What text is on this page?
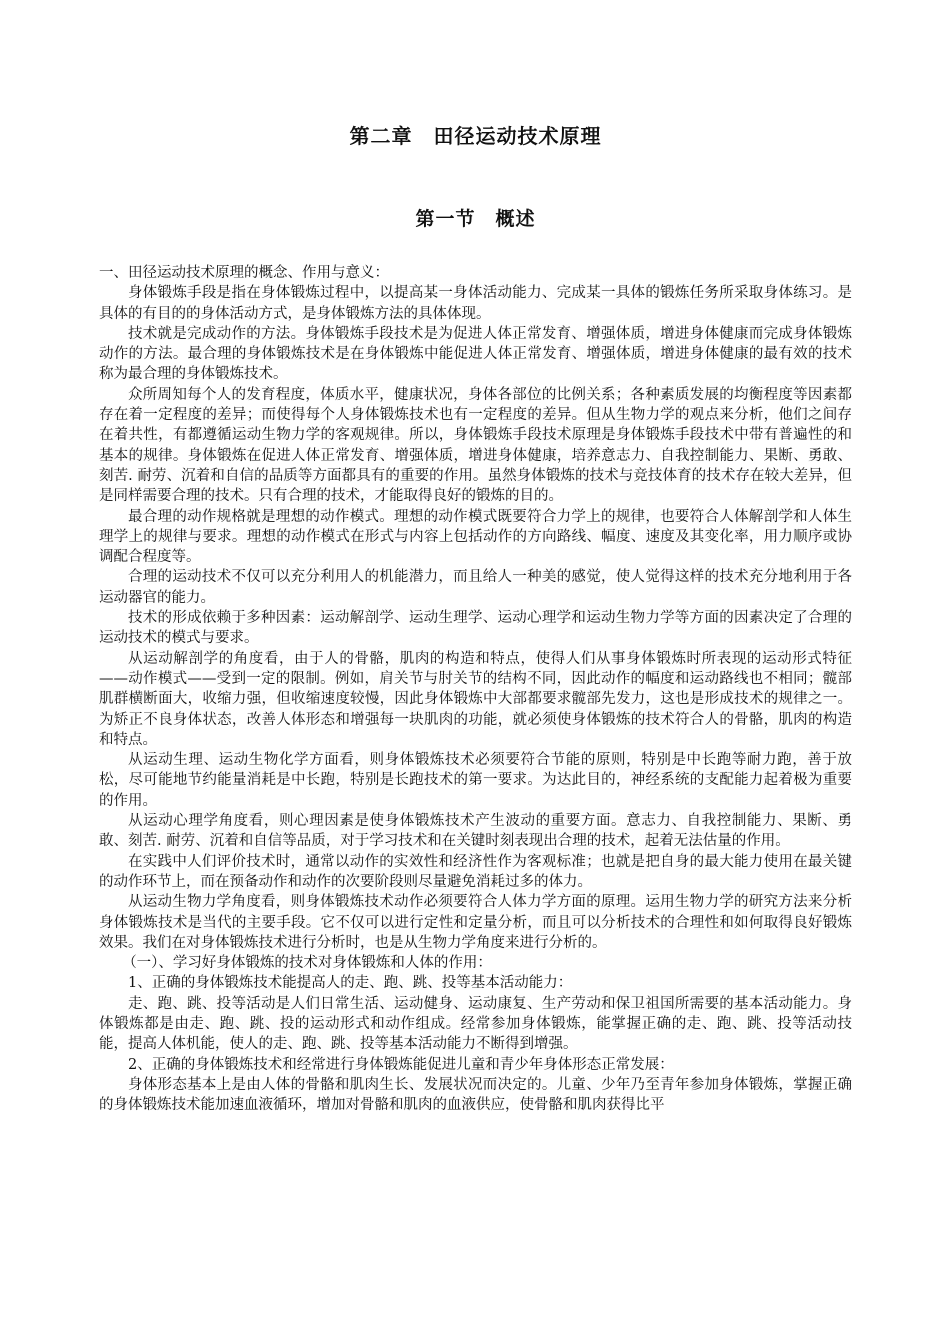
第二章　田径运动技术原理
第一节　概述

一、田径运动技术原理的概念、作用与意义：

身体锻炼手段是指在身体锻炼过程中，以提高某一身体活动能力、完成某一具体的锻炼任务所采取身体练习。是具体的有目的的身体活动方式，是身体锻炼方法的具体体现。

技术就是完成动作的方法。身体锻炼手段技术是为促进人体正常发育、增强体质，增进身体健康而完成身体锻炼动作的方法。最合理的身体锻炼技术是在身体锻炼中能促进人体正常发育、增强体质，增进身体健康的最有效的技术称为最合理的身体锻炼技术。

众所周知每个人的发育程度，体质水平，健康状况，身体各部位的比例关系；各种素质发展的均衡程度等因素都存在着一定程度的差异；而使得每个人身体锻炼技术也有一定程度的差异。但从生物力学的观点来分析，他们之间存在着共性，有都遵循运动生物力学的客观规律。所以，身体锻炼手段技术原理是身体锻炼手段技术中带有普遍性的和基本的规律。身体锻炼在促进人体正常发育、增强体质，增进身体健康，培养意志力、自我控制能力、果断、勇敢、刻苦. 耐劳、沉着和自信的品质等方面都具有的重要的作用。虽然身体锻炼的技术与竞技体育的技术存在较大差异，但是同样需要合理的技术。只有合理的技术，才能取得良好的锻炼的目的。

最合理的动作规格就是理想的动作模式。理想的动作模式既要符合力学上的规律，也要符合人体解剖学和人体生理学上的规律与要求。理想的动作模式在形式与内容上包括动作的方向路线、幅度、速度及其变化率，用力顺序或协调配合程度等。

合理的运动技术不仅可以充分利用人的机能潜力，而且给人一种美的感觉，使人觉得这样的技术充分地利用于各运动器官的能力。

技术的形成依赖于多种因素：运动解剖学、运动生理学、运动心理学和运动生物力学等方面的因素决定了合理的运动技术的模式与要求。

从运动解剖学的角度看，由于人的骨骼，肌肉的构造和特点，使得人们从事身体锻炼时所表现的运动形式特征——动作模式——受到一定的限制。例如，肩关节与肘关节的结构不同，因此动作的幅度和运动路线也不相同；髋部肌群横断面大，收缩力强，但收缩速度较慢，因此身体锻炼中大部都要求髋部先发力，这也是形成技术的规律之一。为矫正不良身体状态，改善人体形态和增强每一块肌肉的功能，就必须使身体锻炼的技术符合人的骨骼，肌肉的构造和特点。

从运动生理、运动生物化学方面看，则身体锻炼技术必须要符合节能的原则，特别是中长跑等耐力跑，善于放松，尽可能地节约能量消耗是中长跑，特别是长跑技术的第一要求。为达此目的，神经系统的支配能力起着极为重要的作用。

从运动心理学角度看，则心理因素是使身体锻炼技术产生波动的重要方面。意志力、自我控制能力、果断、勇敢、刻苦. 耐劳、沉着和自信等品质，对于学习技术和在关键时刻表现出合理的技术，起着无法估量的作用。

在实践中人们评价技术时，通常以动作的实效性和经济性作为客观标准；也就是把自身的最大能力使用在最关键的动作环节上，而在预备动作和动作的次要阶段则尽量避免消耗过多的体力。

从运动生物力学角度看，则身体锻炼技术动作必须要符合人体力学方面的原理。运用生物力学的研究方法来分析身体锻炼技术是当代的主要手段。它不仅可以进行定性和定量分析，而且可以分析技术的合理性和如何取得良好锻炼效果。我们在对身体锻炼技术进行分析时，也是从生物力学角度来进行分析的。

（一）、学习好身体锻炼的技术对身体锻炼和人体的作用：

1、正确的身体锻炼技术能提高人的走、跑、跳、投等基本活动能力：

走、跑、跳、投等活动是人们日常生活、运动健身、运动康复、生产劳动和保卫祖国所需要的基本活动能力。身体锻炼都是由走、跑、跳、投的运动形式和动作组成。经常参加身体锻炼，能掌握正确的走、跑、跳、投等活动技能，提高人体机能，使人的走、跑、跳、投等基本活动能力不断得到增强。

2、正确的身体锻炼技术和经常进行身体锻炼能促进儿童和青少年身体形态正常发展：

身体形态基本上是由人体的骨骼和肌肉生长、发展状况而决定的。儿童、少年乃至青年参加身体锻炼，掌握正确的身体锻炼技术能加速血液循环，增加对骨骼和肌肉的血液供应，使骨骼和肌肉获得比平
